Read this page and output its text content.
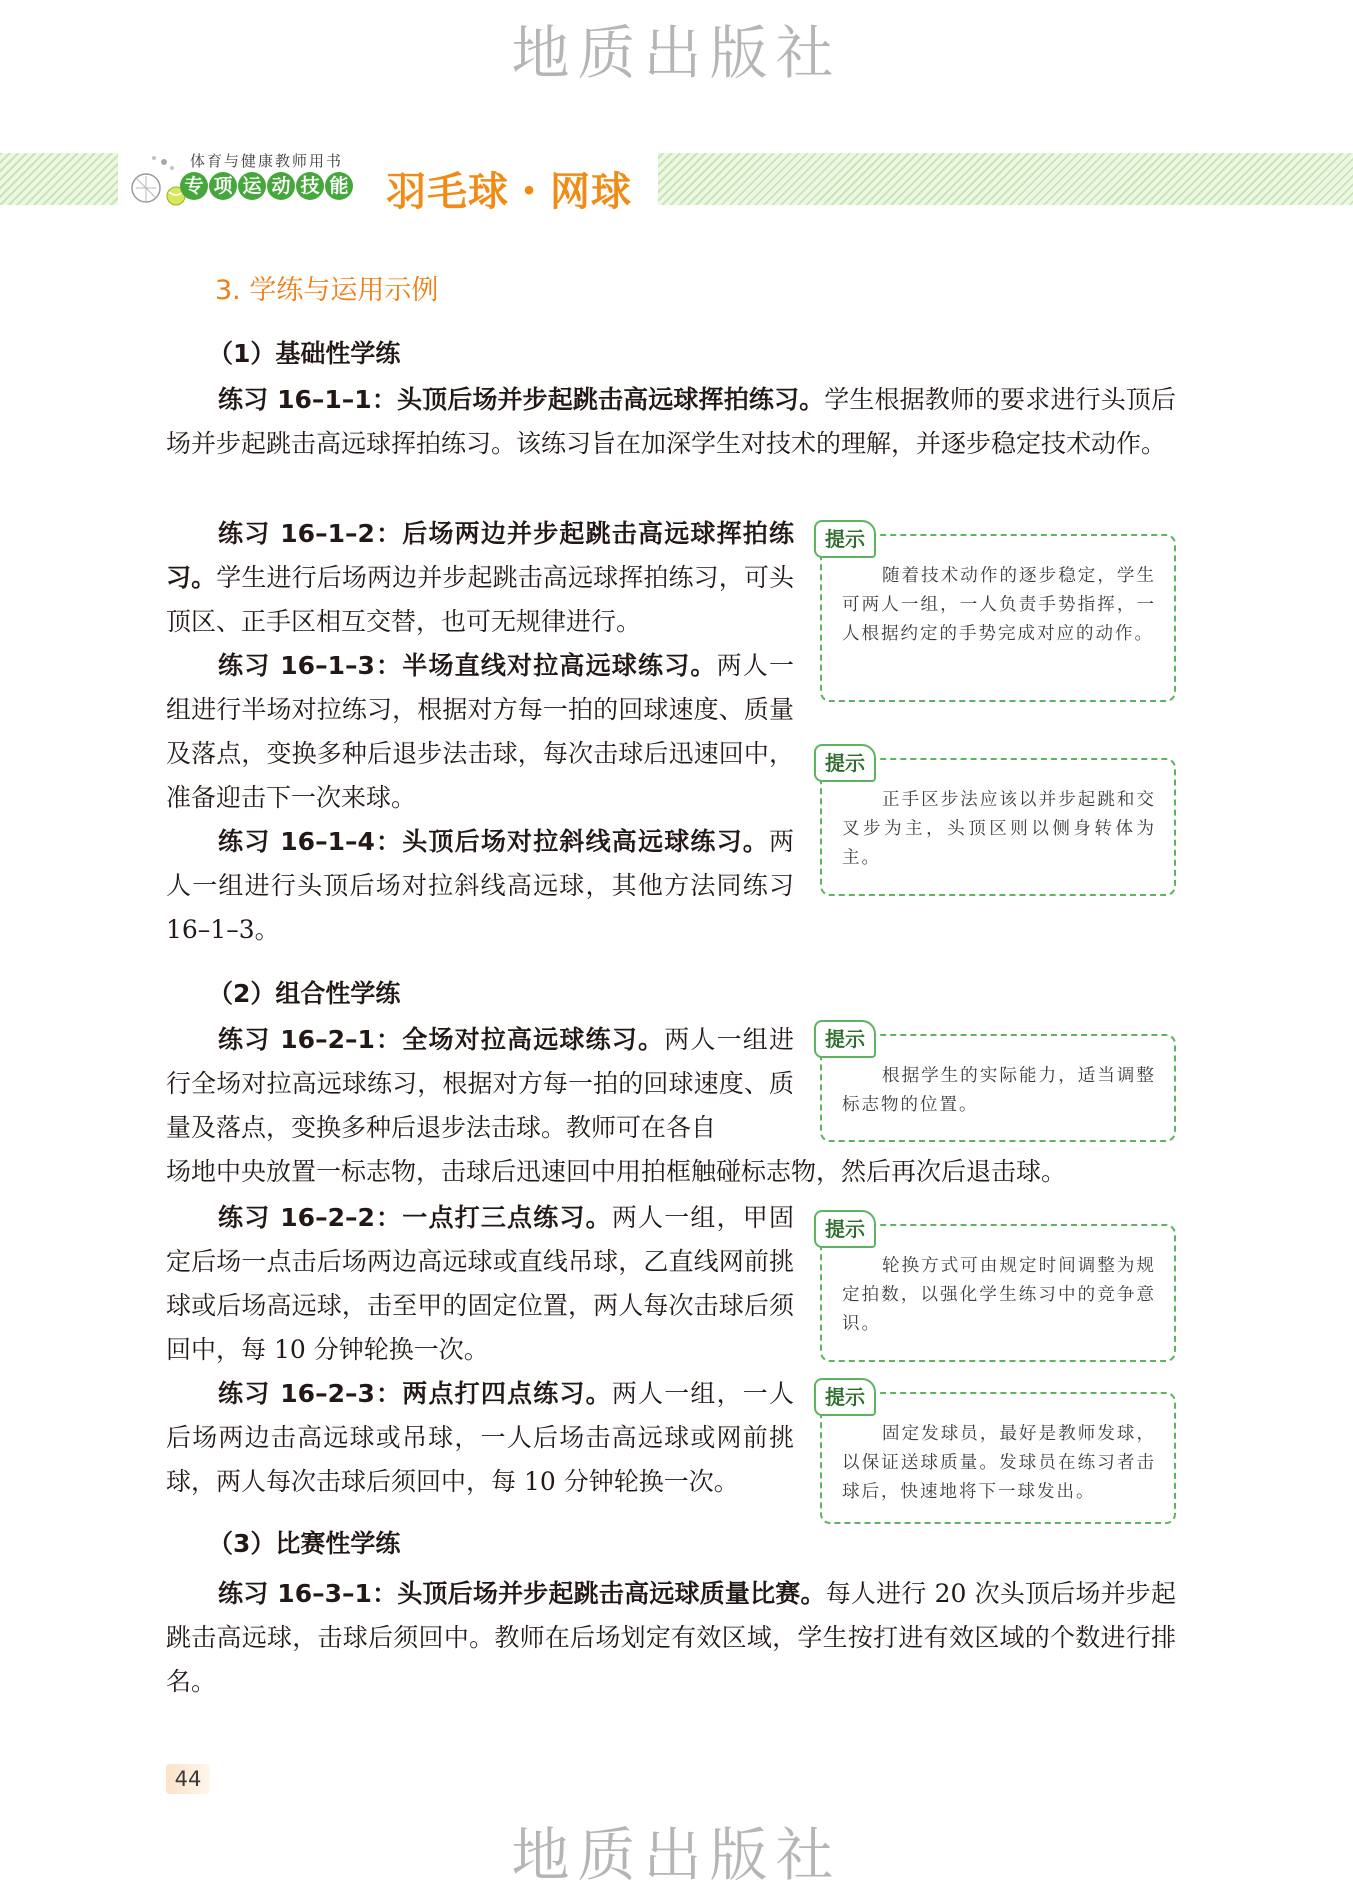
地质出版社
体育与健康教师用书
专 项 运 动 技 能 羽毛球・网球
3. 学练与运用示例
（1）基础性学练

练习 16–1–1：头顶后场并步起跳击高远球挥拍练习。学生根据教师的要求进行头顶后场并步起跳击高远球挥拍练习。该练习旨在加深学生对技术的理解，并逐步稳定技术动作。

练习 16–1–2：后场两边并步起跳击高远球挥拍练习。学生进行后场两边并步起跳击高远球挥拍练习，可头顶区、正手区相互交替，也可无规律进行。

练习 16–1–3：半场直线对拉高远球练习。两人一组进行半场对拉练习，根据对方每一拍的回球速度、质量及落点，变换多种后退步法击球，每次击球后迅速回中，准备迎击下一次来球。

练习 16–1–4：头顶后场对拉斜线高远球练习。两人一组进行头顶后场对拉斜线高远球，其他方法同练习 16–1–3。

提示

随着技术动作的逐步稳定，学生可两人一组，一人负责手势指挥，一人根据约定的手势完成对应的动作。

提示

正手区步法应该以并步起跳和交叉步为主，头顶区则以侧身转体为主。

（2）组合性学练

练习 16–2–1：全场对拉高远球练习。两人一组进行全场对拉高远球练习，根据对方每一拍的回球速度、质量及落点，变换多种后退步法击球。教师可在各自

场地中央放置一标志物，击球后迅速回中用拍框触碰标志物，然后再次后退击球。

练习 16–2–2：一点打三点练习。两人一组，甲固定后场一点击后场两边高远球或直线吊球，乙直线网前挑球或后场高远球，击至甲的固定位置，两人每次击球后须回中，每 10 分钟轮换一次。

练习 16–2–3：两点打四点练习。两人一组，一人后场两边击高远球或吊球，一人后场击高远球或网前挑球，两人每次击球后须回中，每 10 分钟轮换一次。

提示

根据学生的实际能力，适当调整标志物的位置。

提示

轮换方式可由规定时间调整为规定拍数，以强化学生练习中的竞争意识。

提示

固定发球员，最好是教师发球，以保证送球质量。发球员在练习者击球后，快速地将下一球发出。

（3）比赛性学练

练习 16–3–1：头顶后场并步起跳击高远球质量比赛。每人进行 20 次头顶后场并步起跳击高远球，击球后须回中。教师在后场划定有效区域，学生按打进有效区域的个数进行排名。

44
地质出版社
